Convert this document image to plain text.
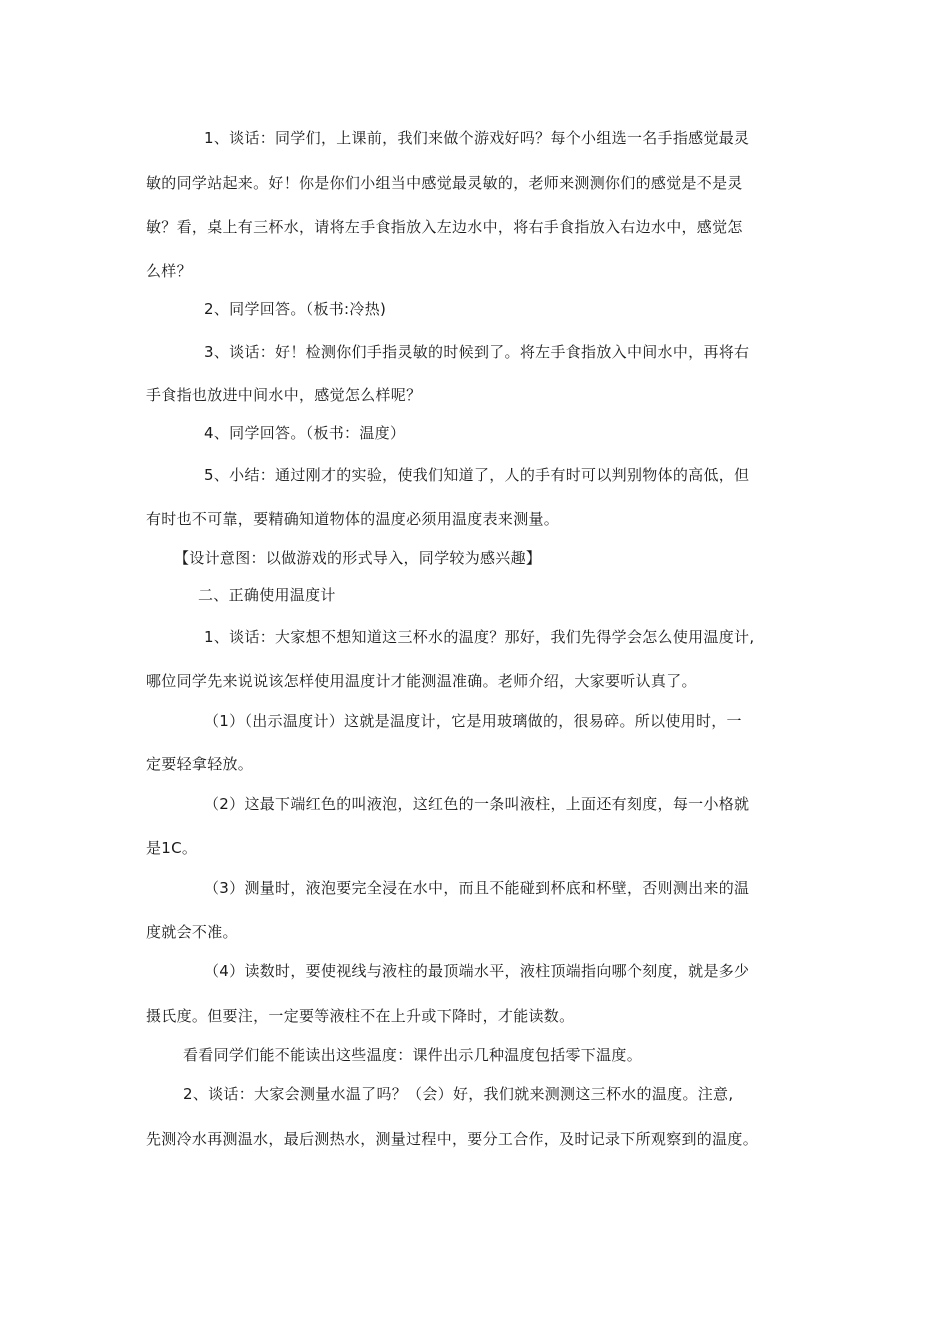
1、谈话：同学们，上课前，我们来做个游戏好吗？每个小组选一名手指感觉最灵
敏的同学站起来。好！你是你们小组当中感觉最灵敏的，老师来测测你们的感觉是不是灵
敏？看，桌上有三杯水，请将左手食指放入左边水中，将右手食指放入右边水中，感觉怎
么样？
2、同学回答。（板书:冷热)
3、谈话：好！检测你们手指灵敏的时候到了。将左手食指放入中间水中，再将右
手食指也放进中间水中，感觉怎么样呢？
4、同学回答。（板书：温度）
5、小结：通过刚才的实验，使我们知道了，人的手有时可以判别物体的高低，但
有时也不可靠，要精确知道物体的温度必须用温度表来测量。
【设计意图：以做游戏的形式导入，同学较为感兴趣】
二、正确使用温度计
1、谈话：大家想不想知道这三杯水的温度？那好，我们先得学会怎么使用温度计,
哪位同学先来说说该怎样使用温度计才能测温准确。老师介绍，大家要听认真了。
（1）（出示温度计）这就是温度计，它是用玻璃做的，很易碎。所以使用时，一
定要轻拿轻放。
（2）这最下端红色的叫液泡，这红色的一条叫液柱，上面还有刻度，每一小格就
是1C。
（3）测量时，液泡要完全浸在水中，而且不能碰到杯底和杯壁，否则测出来的温
度就会不准。
（4）读数时，要使视线与液柱的最顶端水平，液柱顶端指向哪个刻度，就是多少
摄氏度。但要注，一定要等液柱不在上升或下降时，才能读数。
看看同学们能不能读出这些温度：课件出示几种温度包括零下温度。
2、谈话：大家会测量水温了吗？（会）好，我们就来测测这三杯水的温度。注意,
先测冷水再测温水，最后测热水，测量过程中，要分工合作，及时记录下所观察到的温度。
